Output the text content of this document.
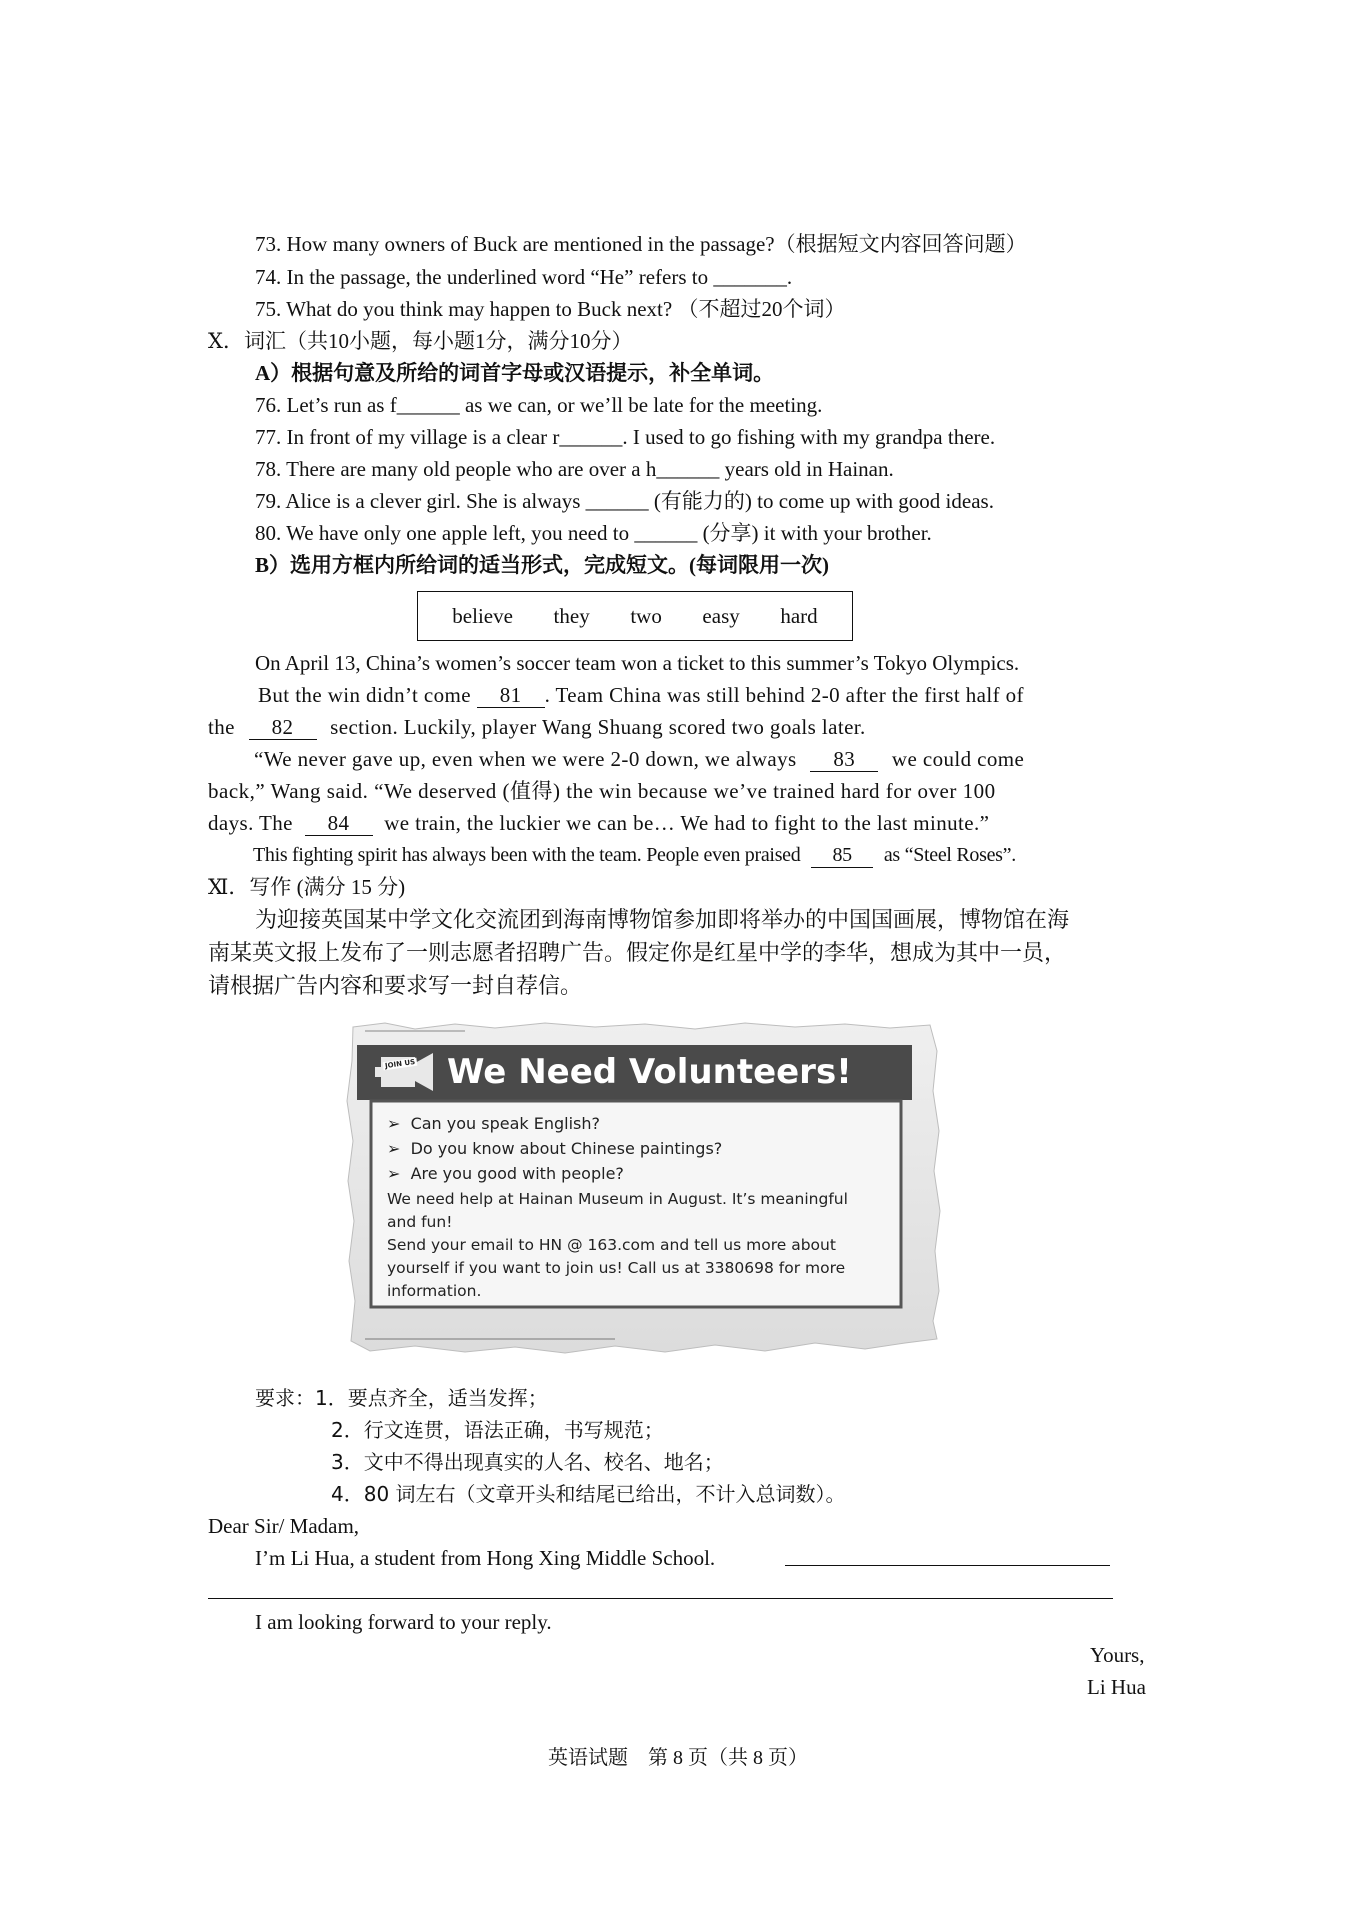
73. How many owners of Buck are mentioned in the passage?（根据短文内容回答问题）
74. In the passage, the underlined word “He” refers to _______.
75. What do you think may happen to Buck next? （不超过20个词）
Ⅹ．词汇（共10小题，每小题1分，满分10分）
A）根据句意及所给的词首字母或汉语提示，补全单词。
76. Let’s run as f______ as we can, or we’ll be late for the meeting.
77. In front of my village is a clear r______. I used to go fishing with my grandpa there.
78. There are many old people who are over a h______ years old in Hainan.
79. Alice is a clever girl. She is always ______ (有能力的) to come up with good ideas.
80. We have only one apple left, you need to ______ (分享) it with your brother.
B）选用方框内所给词的适当形式，完成短文。(每词限用一次)
believe they two easy hard
On April 13, China’s women’s soccer team won a ticket to this summer’s Tokyo Olympics.
But the win didn’t come 81 . Team China was still behind 2-0 after the first half of
the 82 section. Luckily, player Wang Shuang scored two goals later.
“We never gave up, even when we were 2-0 down, we always 83 we could come
back,” Wang said. “We deserved (值得) the win because we’ve trained hard for over 100
days. The 84 we train, the luckier we can be… We had to fight to the last minute.”
This fighting spirit has always been with the team. People even praised 85 as “Steel Roses”.
Ⅺ．写作 (满分 15 分)
为迎接英国某中学文化交流团到海南博物馆参加即将举办的中国国画展，博物馆在海
南某英文报上发布了一则志愿者招聘广告。假定你是红星中学的李华，想成为其中一员，
请根据广告内容和要求写一封自荐信。
JOIN US We Need Volunteers!
➢  Can you speak English?
➢  Do you know about Chinese paintings?
➢  Are you good with people?
We need help at Hainan Museum in August. It’s meaningful
and fun!
Send your email to HN @ 163.com and tell us more about
yourself if you want to join us! Call us at 3380698 for more
information.
要求：1．要点齐全，适当发挥；
2．行文连贯，语法正确，书写规范；
3．文中不得出现真实的人名、校名、地名；
4．80 词左右（文章开头和结尾已给出，不计入总词数）。
Dear Sir/ Madam,
I’m Li Hua, a student from Hong Xing Middle School.
I am looking forward to your reply.
Yours,
Li Hua
英语试题　第 8 页（共 8 页）
